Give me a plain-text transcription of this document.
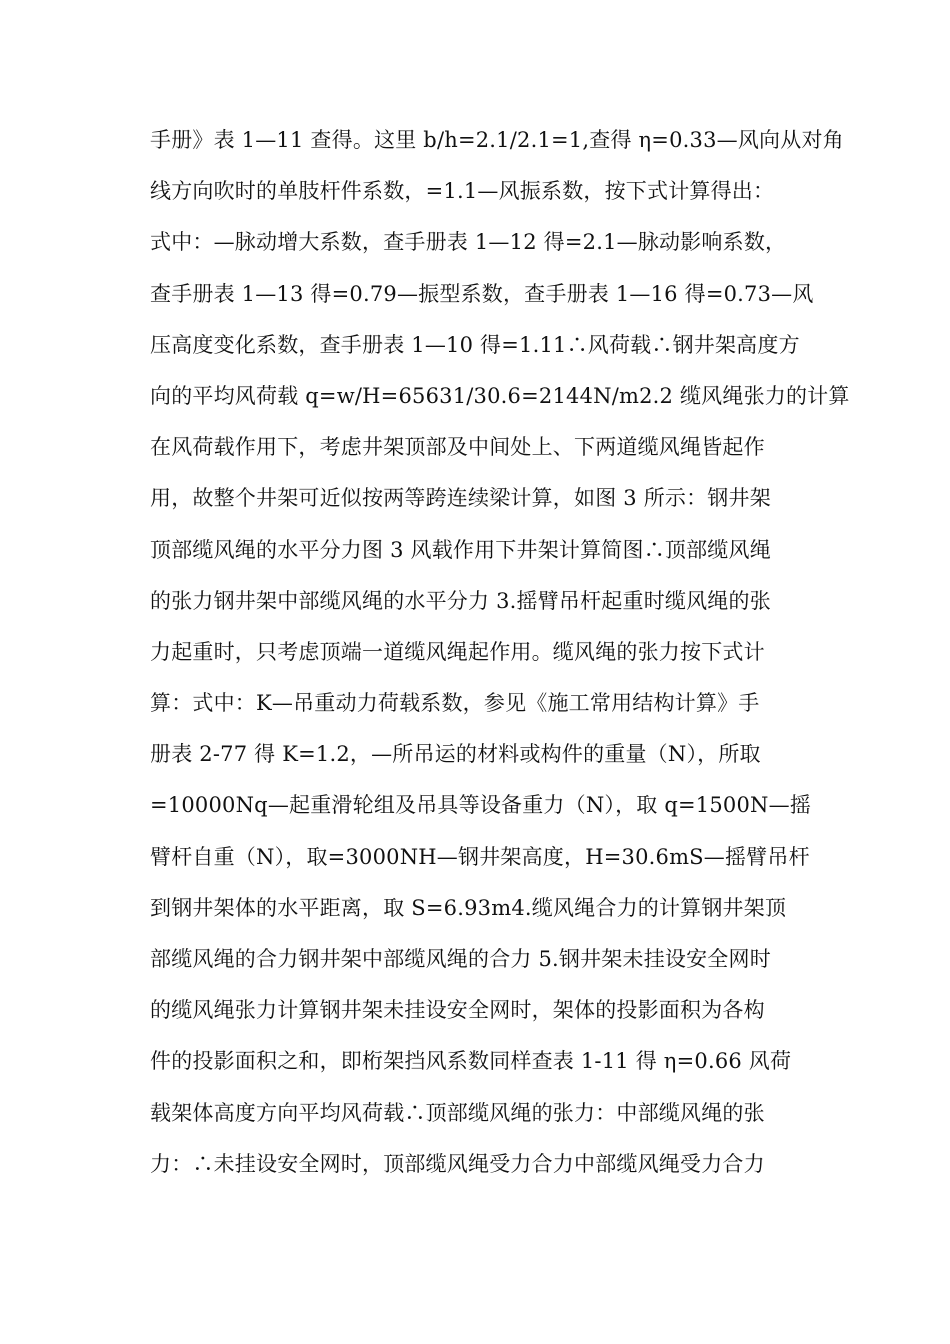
手册》表 1—11 查得。这里 b/h=2.1/2.1=1,查得 η=0.33—风向从对角
线方向吹时的单肢杆件系数，=1.1—风振系数，按下式计算得出：
式中：—脉动增大系数，查手册表 1—12 得=2.1—脉动影响系数，
查手册表 1—13 得=0.79—振型系数，查手册表 1—16 得=0.73—风
压高度变化系数，查手册表 1—10 得=1.11∴风荷载∴钢井架高度方
向的平均风荷载 q=w/H=65631/30.6=2144N/m2.2 缆风绳张力的计算
在风荷载作用下，考虑井架顶部及中间处上、下两道缆风绳皆起作
用，故整个井架可近似按两等跨连续梁计算，如图 3 所示：钢井架
顶部缆风绳的水平分力图 3 风载作用下井架计算简图∴顶部缆风绳
的张力钢井架中部缆风绳的水平分力 3.摇臂吊杆起重时缆风绳的张
力起重时，只考虑顶端一道缆风绳起作用。缆风绳的张力按下式计
算：式中：K—吊重动力荷载系数，参见《施工常用结构计算》手
册表 2-77 得 K=1.2，—所吊运的材料或构件的重量（N），所取
=10000Nq—起重滑轮组及吊具等设备重力（N），取 q=1500N—摇
臂杆自重（N），取=3000NH—钢井架高度，H=30.6mS—摇臂吊杆
到钢井架体的水平距离，取 S=6.93m4.缆风绳合力的计算钢井架顶
部缆风绳的合力钢井架中部缆风绳的合力 5.钢井架未挂设安全网时
的缆风绳张力计算钢井架未挂设安全网时，架体的投影面积为各构
件的投影面积之和，即桁架挡风系数同样查表 1-11 得 η=0.66 风荷
载架体高度方向平均风荷载∴顶部缆风绳的张力：中部缆风绳的张
力：∴未挂设安全网时，顶部缆风绳受力合力中部缆风绳受力合力
